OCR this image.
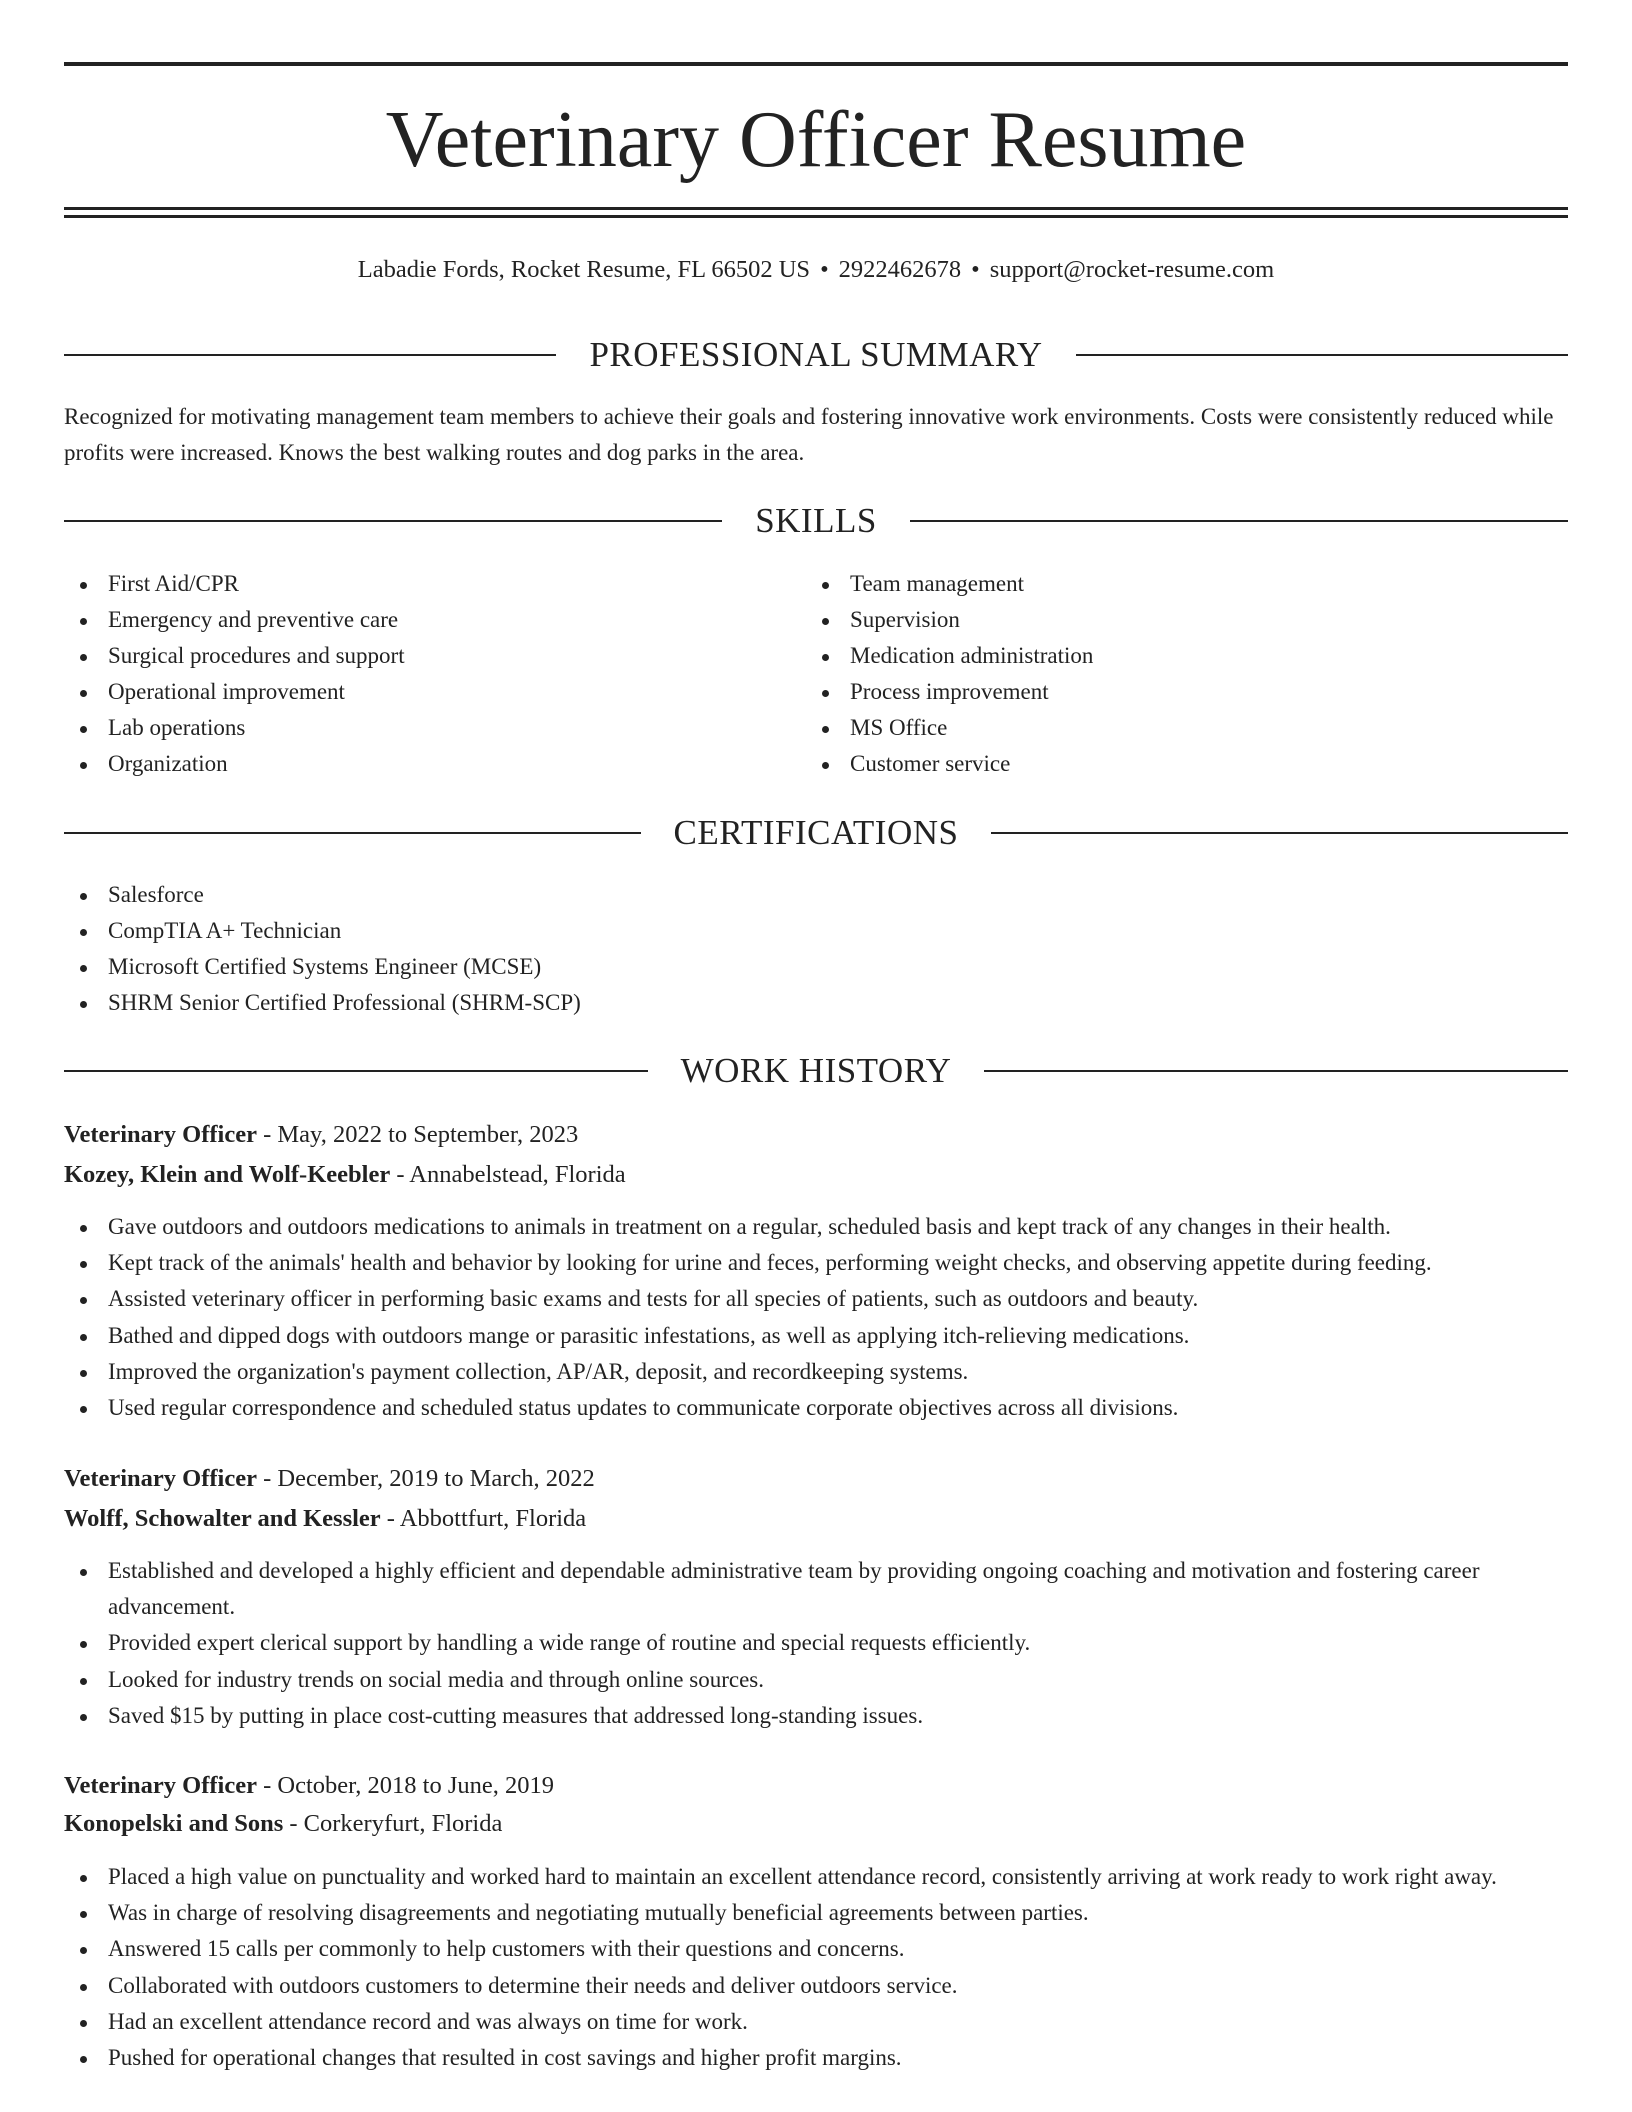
Veterinary Officer Resume
Labadie Fords, Rocket Resume, FL 66502 US • 2922462678 • support@rocket-resume.com
PROFESSIONAL SUMMARY

Recognized for motivating management team members to achieve their goals and fostering innovative work environments. Costs were consistently reduced while profits were increased. Knows the best walking routes and dog parks in the area.

SKILLS
First Aid/CPR
Emergency and preventive care
Surgical procedures and support
Operational improvement
Lab operations
Organization
Team management
Supervision
Medication administration
Process improvement
MS Office
Customer service
CERTIFICATIONS
Salesforce
CompTIA A+ Technician
Microsoft Certified Systems Engineer (MCSE)
SHRM Senior Certified Professional (SHRM-SCP)
WORK HISTORY

Veterinary Officer - May, 2022 to September, 2023

Kozey, Klein and Wolf-Keebler - Annabelstead, Florida

Gave outdoors and outdoors medications to animals in treatment on a regular, scheduled basis and kept track of any changes in their health.
Kept track of the animals' health and behavior by looking for urine and feces, performing weight checks, and observing appetite during feeding.
Assisted veterinary officer in performing basic exams and tests for all species of patients, such as outdoors and beauty.
Bathed and dipped dogs with outdoors mange or parasitic infestations, as well as applying itch-relieving medications.
Improved the organization's payment collection, AP/AR, deposit, and recordkeeping systems.
Used regular correspondence and scheduled status updates to communicate corporate objectives across all divisions.

Veterinary Officer - December, 2019 to March, 2022

Wolff, Schowalter and Kessler - Abbottfurt, Florida

Established and developed a highly efficient and dependable administrative team by providing ongoing coaching and motivation and fostering career advancement.
Provided expert clerical support by handling a wide range of routine and special requests efficiently.
Looked for industry trends on social media and through online sources.
Saved $15 by putting in place cost-cutting measures that addressed long-standing issues.

Veterinary Officer - October, 2018 to June, 2019

Konopelski and Sons - Corkeryfurt, Florida

Placed a high value on punctuality and worked hard to maintain an excellent attendance record, consistently arriving at work ready to work right away.
Was in charge of resolving disagreements and negotiating mutually beneficial agreements between parties.
Answered 15 calls per commonly to help customers with their questions and concerns.
Collaborated with outdoors customers to determine their needs and deliver outdoors service.
Had an excellent attendance record and was always on time for work.
Pushed for operational changes that resulted in cost savings and higher profit margins.
